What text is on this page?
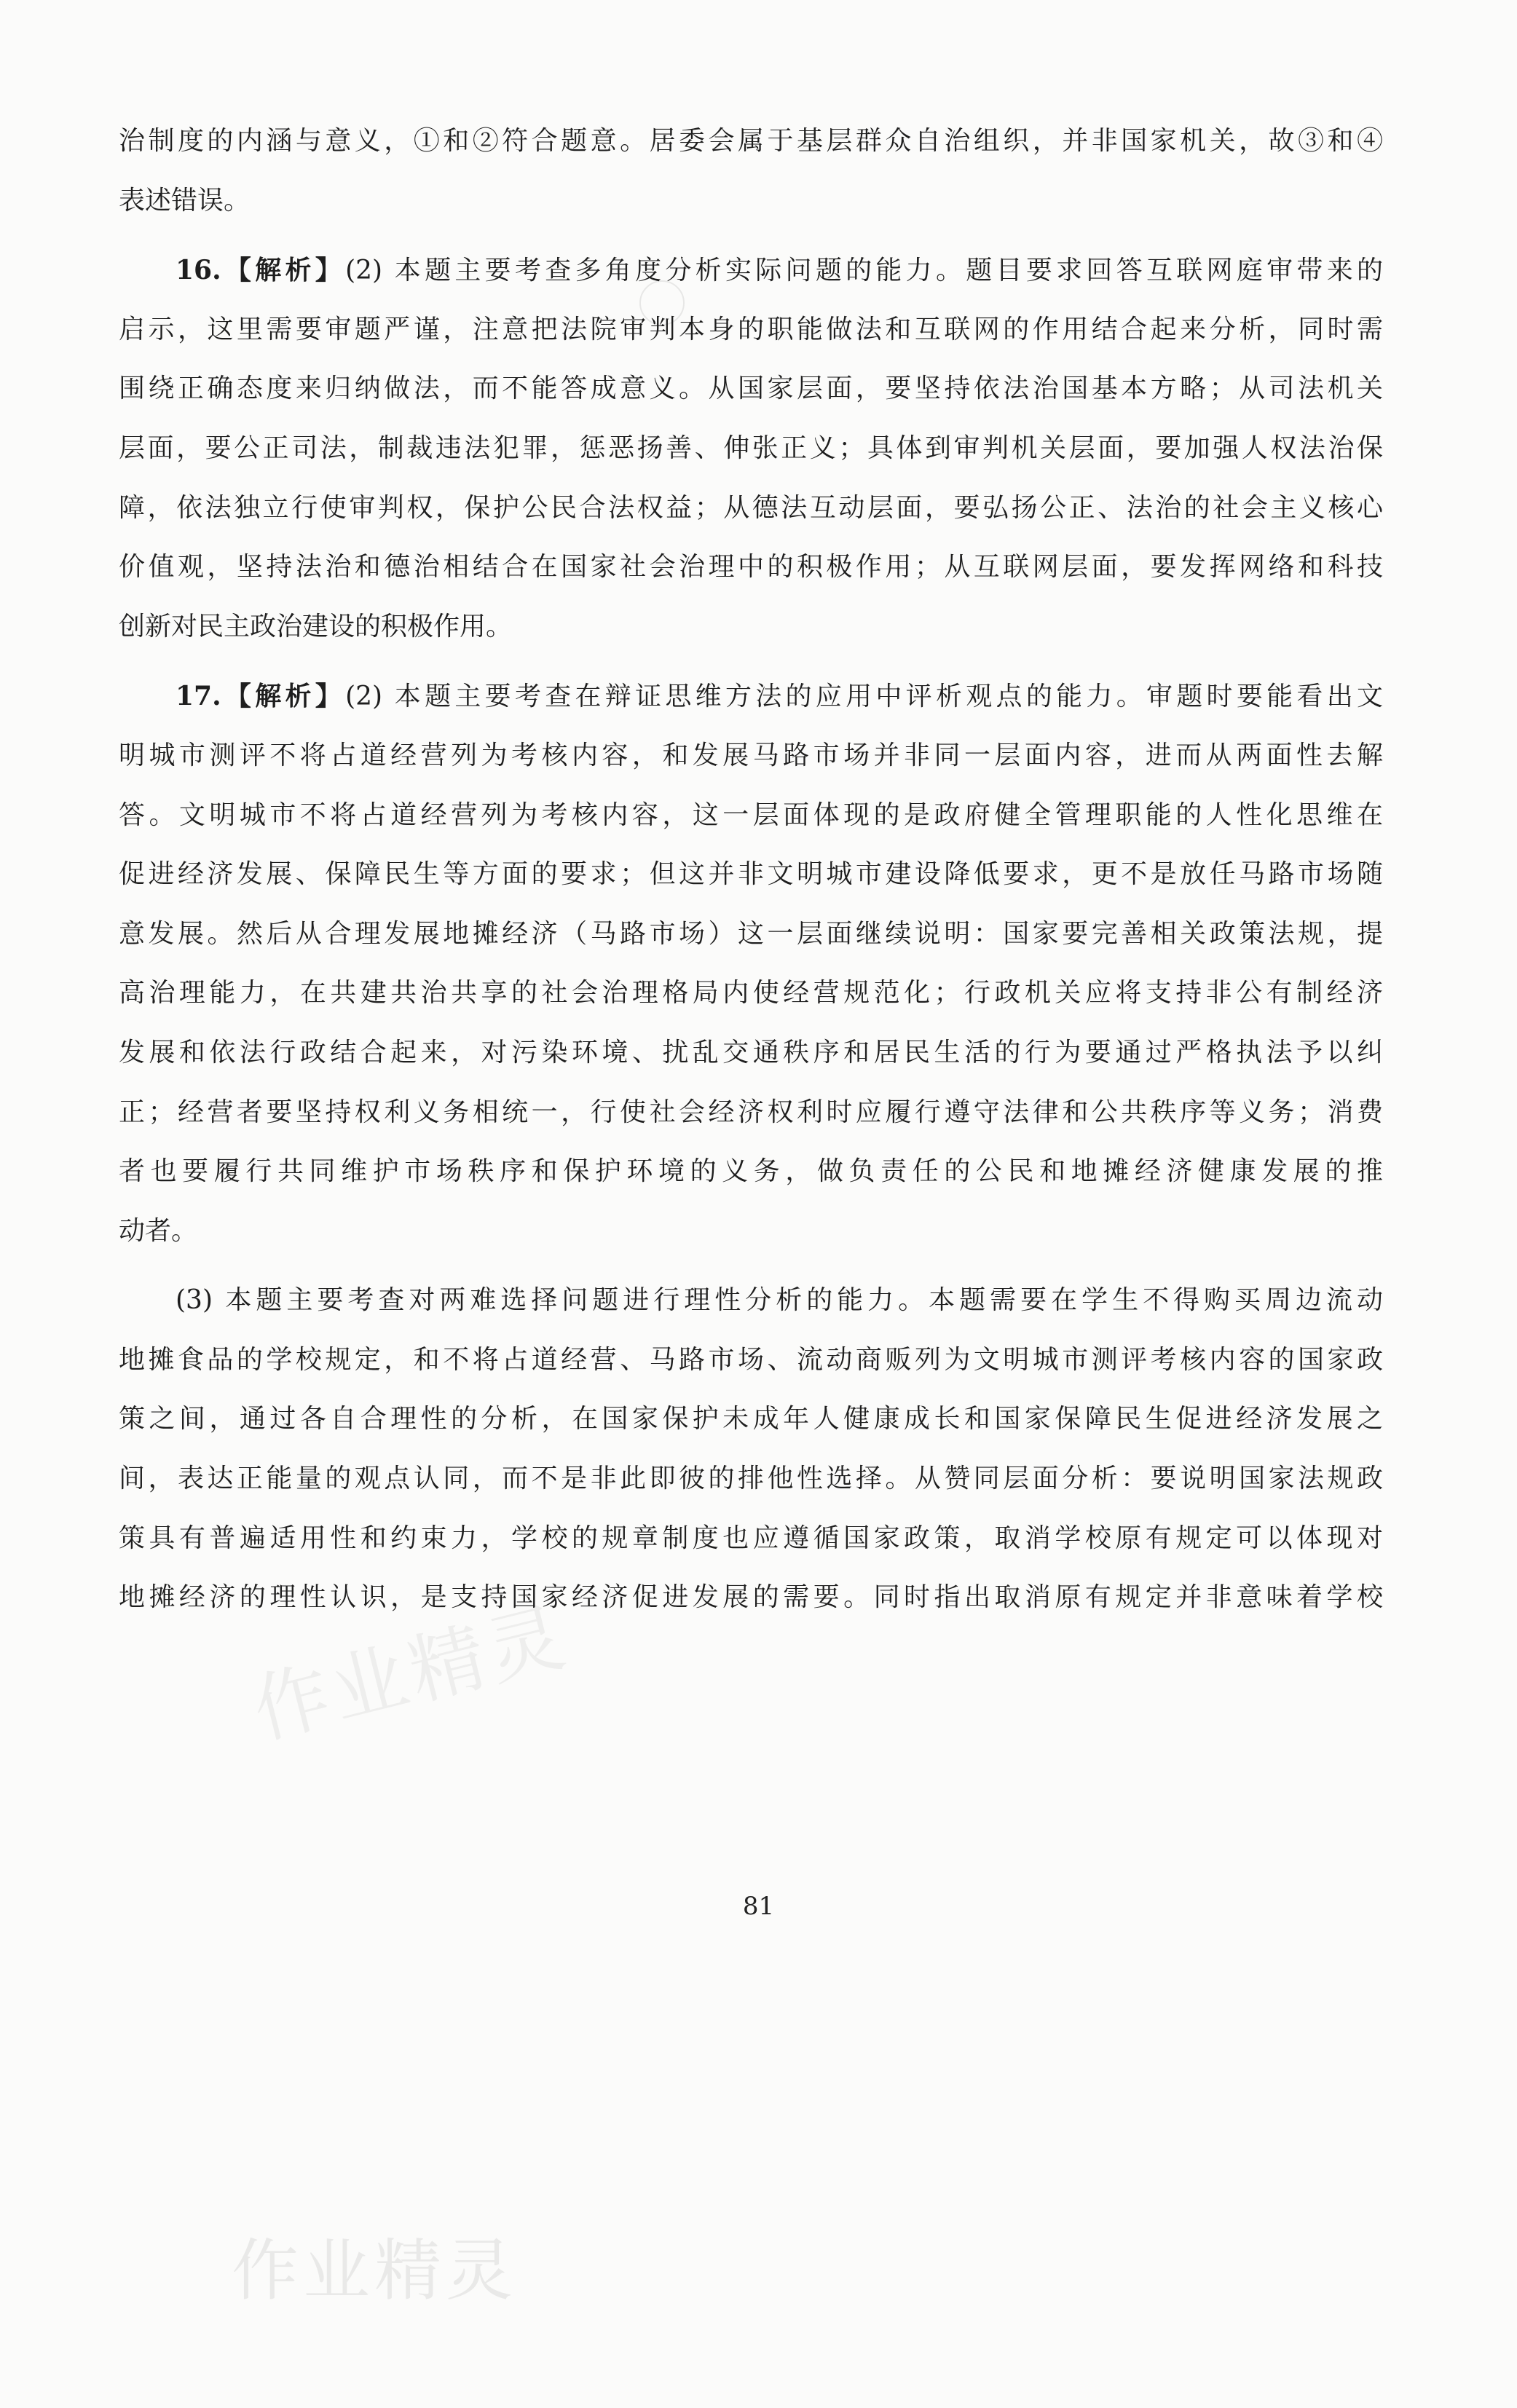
作业精灵
治制度的内涵与意义，①和②符合题意。居委会属于基层群众自治组织，并非国家机关，故③和④
表述错误。
16.【解析】(2) 本题主要考查多角度分析实际问题的能力。题目要求回答互联网庭审带来的
启示，这里需要审题严谨，注意把法院审判本身的职能做法和互联网的作用结合起来分析，同时需
围绕正确态度来归纳做法，而不能答成意义。从国家层面，要坚持依法治国基本方略；从司法机关
层面，要公正司法，制裁违法犯罪，惩恶扬善、伸张正义；具体到审判机关层面，要加强人权法治保
障，依法独立行使审判权，保护公民合法权益；从德法互动层面，要弘扬公正、法治的社会主义核心
价值观，坚持法治和德治相结合在国家社会治理中的积极作用；从互联网层面，要发挥网络和科技
创新对民主政治建设的积极作用。
17.【解析】(2) 本题主要考查在辩证思维方法的应用中评析观点的能力。审题时要能看出文
明城市测评不将占道经营列为考核内容，和发展马路市场并非同一层面内容，进而从两面性去解
答。文明城市不将占道经营列为考核内容，这一层面体现的是政府健全管理职能的人性化思维在
促进经济发展、保障民生等方面的要求；但这并非文明城市建设降低要求，更不是放任马路市场随
意发展。然后从合理发展地摊经济（马路市场）这一层面继续说明：国家要完善相关政策法规，提
高治理能力，在共建共治共享的社会治理格局内使经营规范化；行政机关应将支持非公有制经济
发展和依法行政结合起来，对污染环境、扰乱交通秩序和居民生活的行为要通过严格执法予以纠
正；经营者要坚持权利义务相统一，行使社会经济权利时应履行遵守法律和公共秩序等义务；消费
者也要履行共同维护市场秩序和保护环境的义务，做负责任的公民和地摊经济健康发展的推
动者。
(3) 本题主要考查对两难选择问题进行理性分析的能力。本题需要在学生不得购买周边流动
地摊食品的学校规定，和不将占道经营、马路市场、流动商贩列为文明城市测评考核内容的国家政
策之间，通过各自合理性的分析，在国家保护未成年人健康成长和国家保障民生促进经济发展之
间，表达正能量的观点认同，而不是非此即彼的排他性选择。从赞同层面分析：要说明国家法规政
策具有普遍适用性和约束力，学校的规章制度也应遵循国家政策，取消学校原有规定可以体现对
地摊经济的理性认识，是支持国家经济促进发展的需要。同时指出取消原有规定并非意味着学校
81
作业精灵
